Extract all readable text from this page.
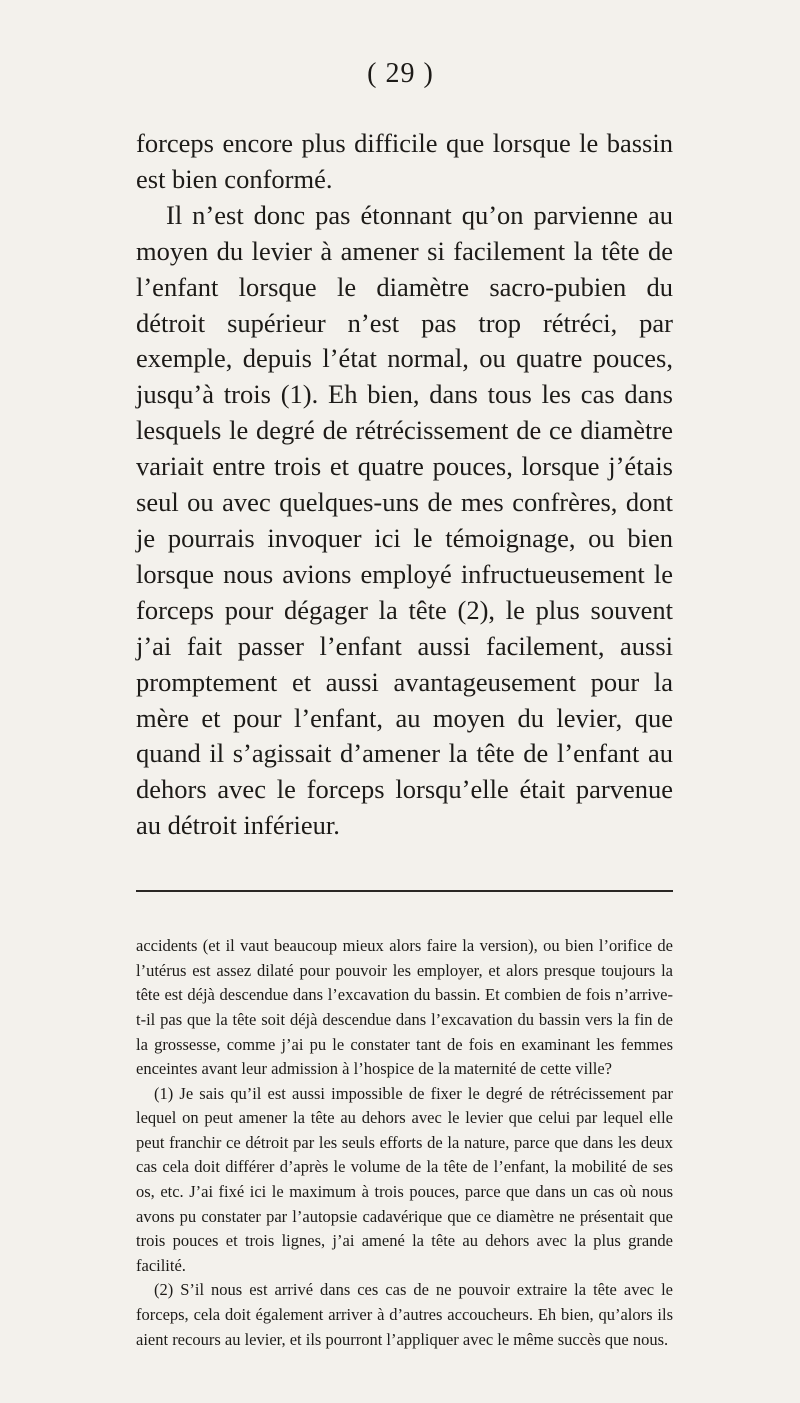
( 29 )

forceps encore plus difficile que lorsque le bassin est bien conformé.

Il n’est donc pas étonnant qu’on parvienne au moyen du levier à amener si facilement la tête de l’enfant lorsque le diamètre sacro-pubien du détroit supérieur n’est pas trop rétréci, par exemple, depuis l’état normal, ou quatre pouces, jusqu’à trois (1). Eh bien, dans tous les cas dans lesquels le degré de rétrécissement de ce diamètre variait entre trois et quatre pouces, lorsque j’étais seul ou avec quelques-uns de mes confrères, dont je pourrais invoquer ici le témoignage, ou bien lorsque nous avions employé infructueusement le forceps pour dégager la tête (2), le plus souvent j’ai fait passer l’enfant aussi facilement, aussi promptement et aussi avantageusement pour la mère et pour l’enfant, au moyen du levier, que quand il s’agissait d’amener la tête de l’enfant au dehors avec le forceps lorsqu’elle était parvenue au détroit inférieur.

accidents (et il vaut beaucoup mieux alors faire la version), ou bien l’orifice de l’utérus est assez dilaté pour pouvoir les employer, et alors presque toujours la tête est déjà descendue dans l’excavation du bassin. Et combien de fois n’arrive-t-il pas que la tête soit déjà descendue dans l’excavation du bassin vers la fin de la grossesse, comme j’ai pu le constater tant de fois en examinant les femmes enceintes avant leur admission à l’hospice de la maternité de cette ville?

(1) Je sais qu’il est aussi impossible de fixer le degré de rétrécissement par lequel on peut amener la tête au dehors avec le levier que celui par lequel elle peut franchir ce détroit par les seuls efforts de la nature, parce que dans les deux cas cela doit différer d’après le volume de la tête de l’enfant, la mobilité de ses os, etc. J’ai fixé ici le maximum à trois pouces, parce que dans un cas où nous avons pu constater par l’autopsie cadavérique que ce diamètre ne présentait que trois pouces et trois lignes, j’ai amené la tête au dehors avec la plus grande facilité.

(2) S’il nous est arrivé dans ces cas de ne pouvoir extraire la tête avec le forceps, cela doit également arriver à d’autres accoucheurs. Eh bien, qu’alors ils aient recours au levier, et ils pourront l’appliquer avec le même succès que nous.
